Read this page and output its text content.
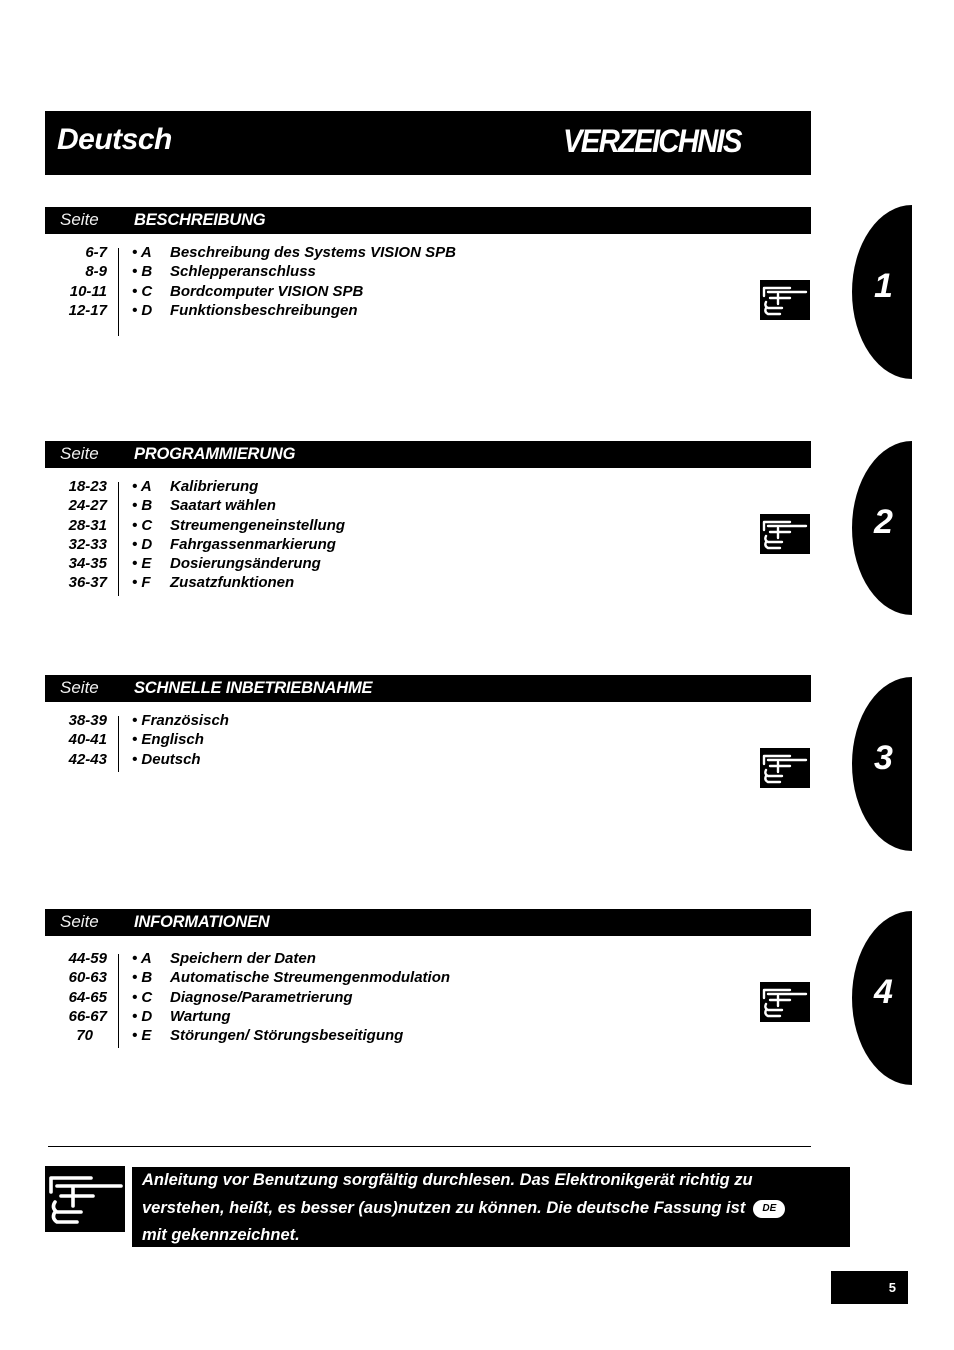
Deutsch	VERZEICHNIS
Seite BESCHREIBUNG
6-7 • A Beschreibung des Systems VISION SPB
8-9 • B Schlepperanschluss
10-11 • C Bordcomputer VISION SPB
12-17 • D Funktionsbeschreibungen
Seite PROGRAMMIERUNG
18-23 • A Kalibrierung
24-27 • B Saatart wählen
28-31 • C Streumengeneinstellung
32-33 • D Fahrgassenmarkierung
34-35 • E Dosierungsänderung
36-37 • F Zusatzfunktionen
Seite SCHNELLE INBETRIEBNAHME
38-39 • Französisch
40-41 • Englisch
42-43 • Deutsch
Seite INFORMATIONEN
44-59 • A Speichern der Daten
60-63 • B Automatische Streumengenmodulation
64-65 • C Diagnose/Parametrierung
66-67 • D Wartung
70	• E Störungen/ Störungsbeseitigung
1
2
3
4
Anleitung vor Benutzung sorgfältig durchlesen. Das Elektronikgerät richtig zu
verstehen, heißt, es besser (aus)nutzen zu können. Die deutsche Fassung ist DE
mit gekennzeichnet.
5
